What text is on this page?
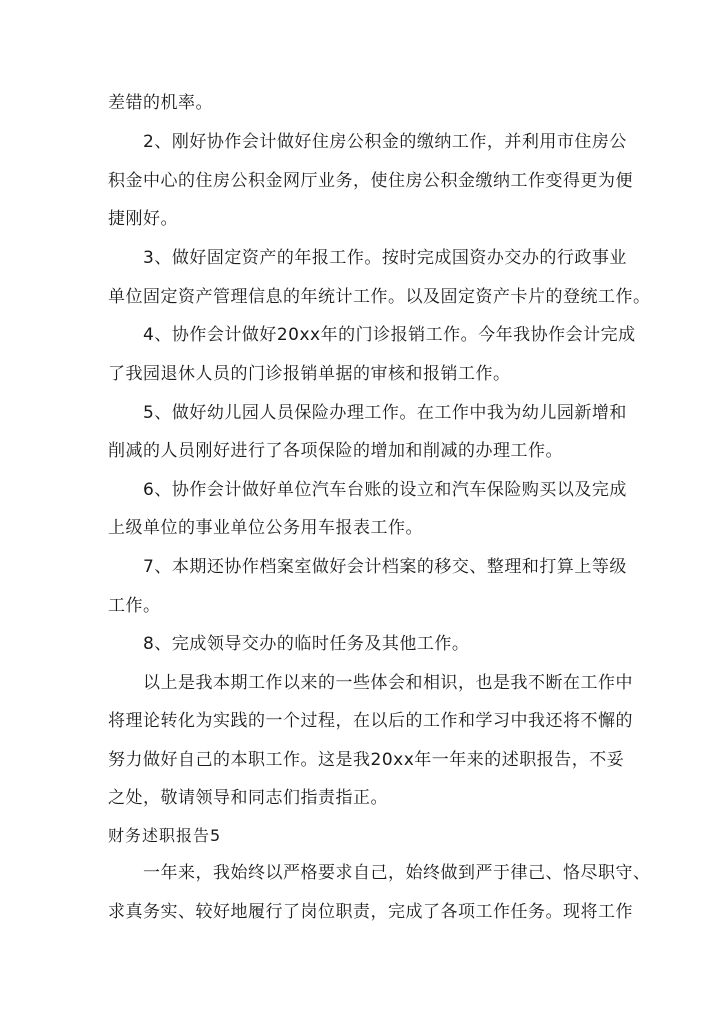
差错的机率。
2、刚好协作会计做好住房公积金的缴纳工作，并利用市住房公
积金中心的住房公积金网厅业务，使住房公积金缴纳工作变得更为便
捷刚好。
3、做好固定资产的年报工作。按时完成国资办交办的行政事业
单位固定资产管理信息的年统计工作。以及固定资产卡片的登统工作。
4、协作会计做好20xx年的门诊报销工作。今年我协作会计完成
了我园退休人员的门诊报销单据的审核和报销工作。
5、做好幼儿园人员保险办理工作。在工作中我为幼儿园新增和
削减的人员刚好进行了各项保险的增加和削减的办理工作。
6、协作会计做好单位汽车台账的设立和汽车保险购买以及完成
上级单位的事业单位公务用车报表工作。
7、本期还协作档案室做好会计档案的移交、整理和打算上等级
工作。
8、完成领导交办的临时任务及其他工作。
以上是我本期工作以来的一些体会和相识，也是我不断在工作中
将理论转化为实践的一个过程，在以后的工作和学习中我还将不懈的
努力做好自己的本职工作。这是我20xx年一年来的述职报告，不妥
之处，敬请领导和同志们指责指正。
财务述职报告5
一年来，我始终以严格要求自己，始终做到严于律己、恪尽职守、
求真务实、较好地履行了岗位职责，完成了各项工作任务。现将工作
